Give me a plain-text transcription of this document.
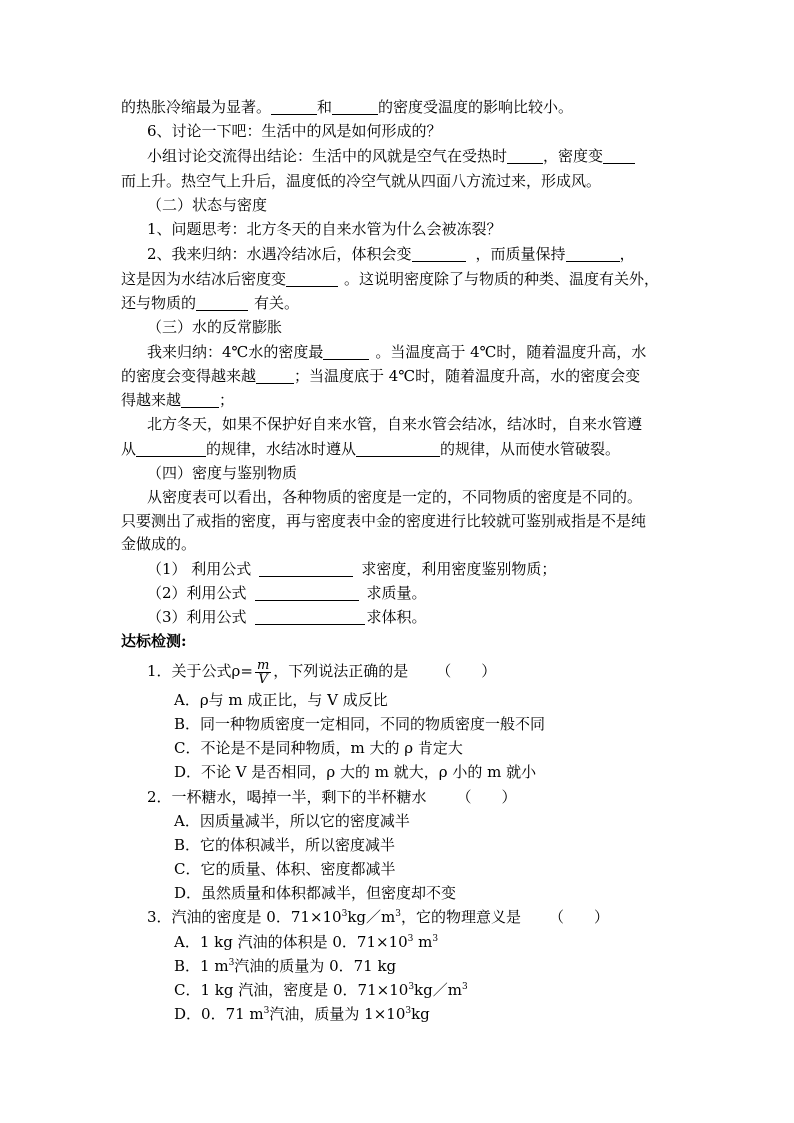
的热胀冷缩最为显著。	和	的密度受温度的影响比较小。
6、讨论一下吧：生活中的风是如何形成的？
小组讨论交流得出结论：生活中的风就是空气在受热时 ，密度变
而上升。热空气上升后，温度低的冷空气就从四面八方流过来，形成风。
（二）状态与密度
1、问题思考：北方冬天的自来水管为什么会被冻裂？
2、我来归纳：水遇冷结冰后，体积会变	，而质量保持	，
这是因为水结冰后密度变	。这说明密度除了与物质的种类、温度有关外，
还与物质的	有关。
（三）水的反常膨胀
我来归纳：4℃水的密度最	。当温度高于 4℃时，随着温度升高，水
的密度会变得越来越	；当温度底于 4℃时，随着温度升高，水的密度会变
得越来越	；
北方冬天，如果不保护好自来水管，自来水管会结冰，结冰时，自来水管遵
从	的规律，水结冰时遵从	的规律，从而使水管破裂。
（四）密度与鉴别物质
从密度表可以看出，各种物质的密度是一定的，不同物质的密度是不同的。
只要测出了戒指的密度，再与密度表中金的密度进行比较就可鉴别戒指是不是纯
金做成的。
（1） 利用公式	求密度，利用密度鉴别物质；
（2）利用公式	求质量。
（3）利用公式	求体积。
达标检测:
1．关于公式$\rho= \frac{m}{V}$ ，下列说法正确的是 （　　）
A．ρ与 m 成正比，与 V 成反比
B．同一种物质密度一定相同，不同的物质密度一般不同
C．不论是不是同种物质，m 大的 ρ 肯定大
D．不论 V 是否相同，ρ 大的 m 就大，ρ 小的 m 就小
2．一杯糖水，喝掉一半，剩下的半杯糖水 （　　）
A．因质量减半，所以它的密度减半
B．它的体积减半，所以密度减半
C．它的质量、体积、密度都减半
D．虽然质量和体积都减半，但密度却不变
3．汽油的密度是 0．$71\times 10^3kg/m^3$，它的物理意义是 （　　）
A．1 kg 汽油的体积是 0．$71\times 10^3$ $m^3$
B．1 $m^3$汽油的质量为 0．71 kg
C．1 kg 汽油，密度是 0．$71\times 10^3kg/m^3$
D．0．71 $m^3$汽油，质量为 $1\times 10^3kg$
